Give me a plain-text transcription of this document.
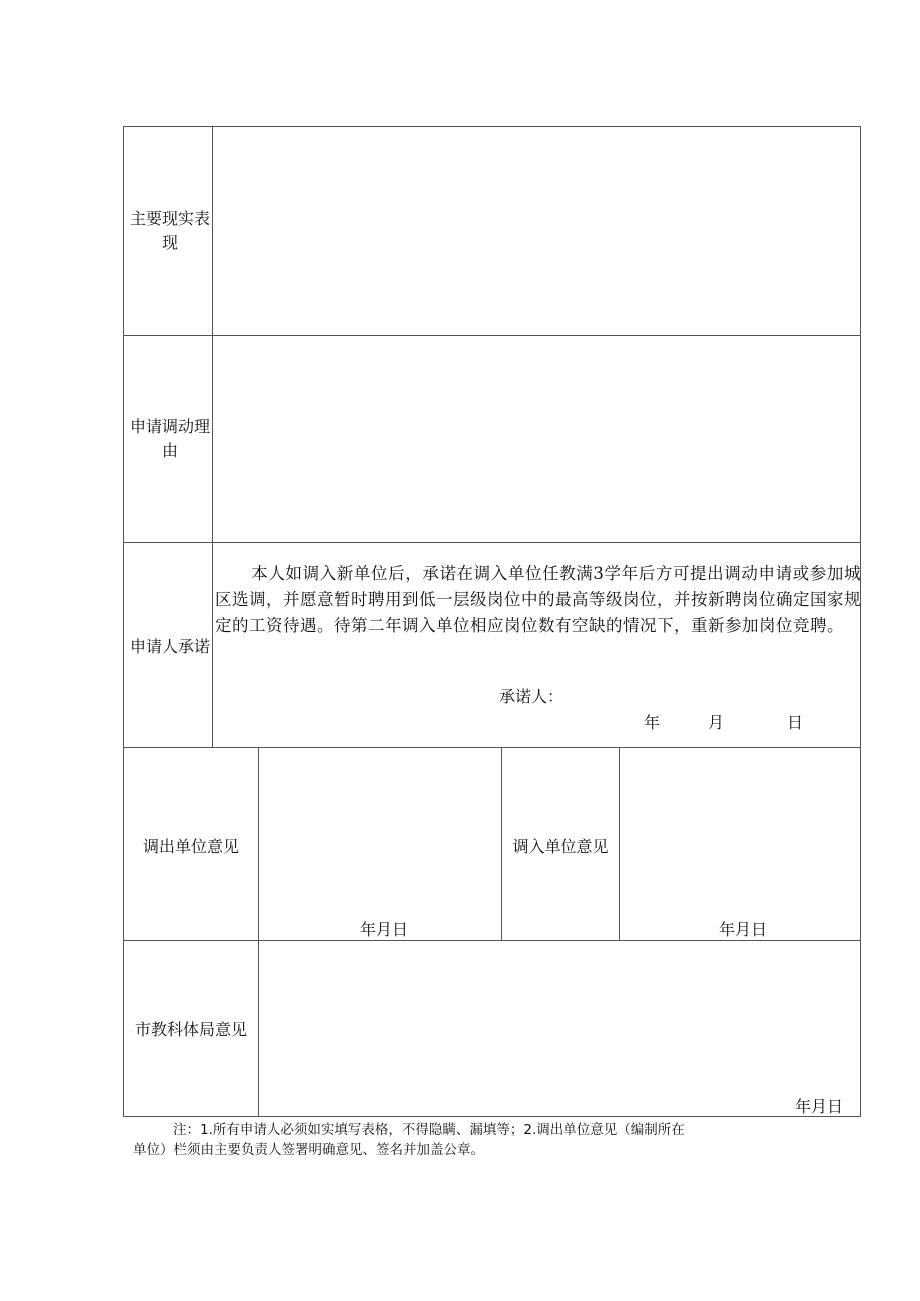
主要现实表现
申请调动理由
申请人承诺

本人如调入新单位后，承诺在调入单位任教满3学年后方可提出调动申请或参加城区选调，并愿意暂时聘用到低一层级岗位中的最高等级岗位，并按新聘岗位确定国家规定的工资待遇。待第二年调入单位相应岗位数有空缺的情况下，重新参加岗位竞聘。

承诺人：
年	月	日
调出单位意见
年月日
调入单位意见
年月日
市教科体局意见
年月日

注：1.所有申请人必须如实填写表格，不得隐瞒、漏填等；2.调出单位意见（编制所在

单位）栏须由主要负责人签署明确意见、签名并加盖公章。
